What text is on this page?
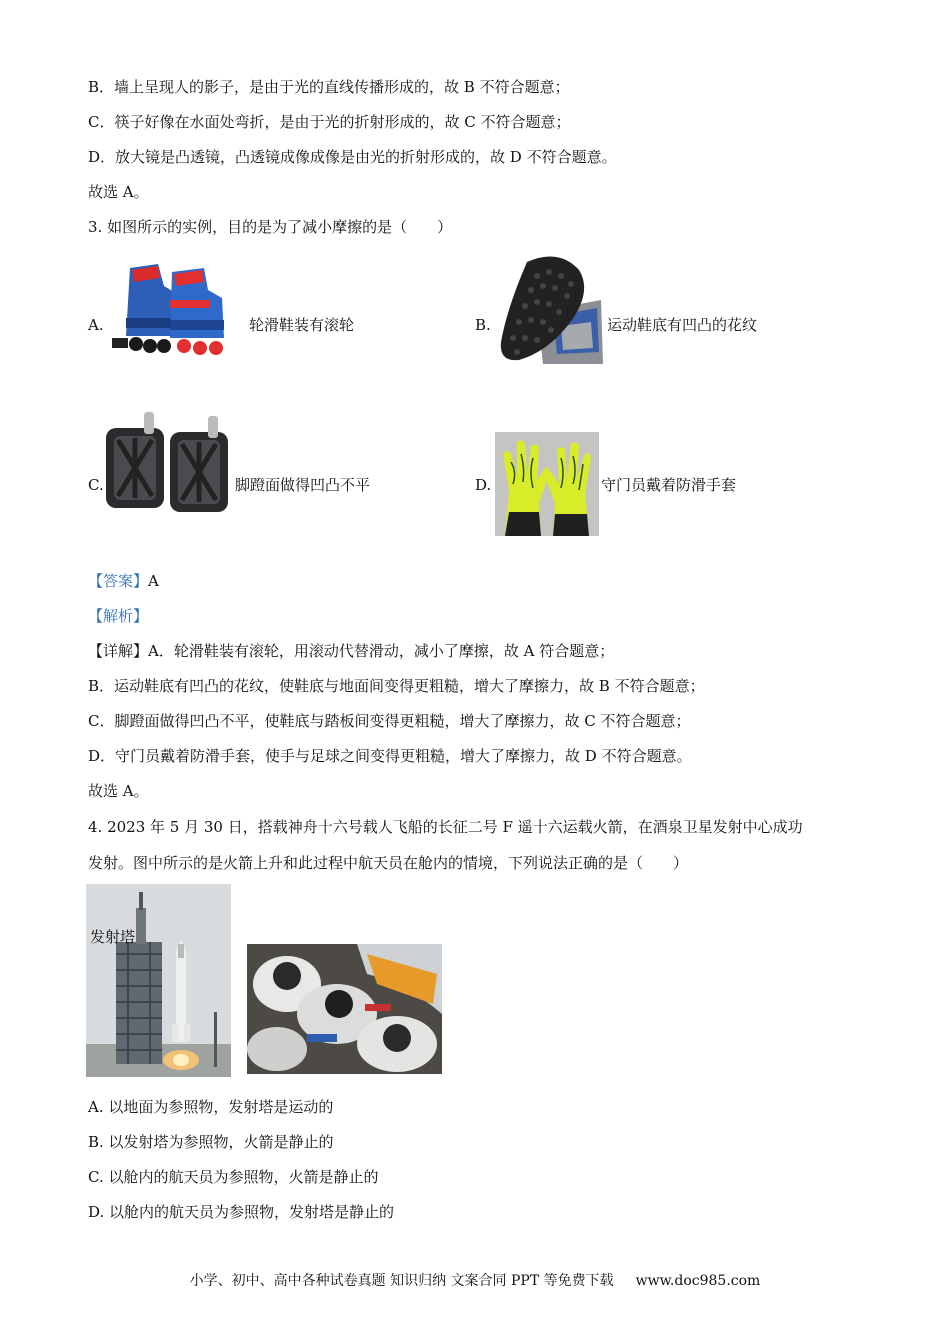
B．墙上呈现人的影子，是由于光的直线传播形成的，故 B 不符合题意；
C．筷子好像在水面处弯折，是由于光的折射形成的，故 C 不符合题意；
D．放大镜是凸透镜，凸透镜成像成像是由光的折射形成的，故 D 不符合题意。
故选 A。
3. 如图所示的实例，目的是为了减小摩擦的是（　　）
A.	轮滑鞋装有滚轮	B.	运动鞋底有凹凸的花纹
C.	脚蹬面做得凹凸不平	D.	守门员戴着防滑手套
【答案】A
【解析】
【详解】A．轮滑鞋装有滚轮，用滚动代替滑动，减小了摩擦，故 A 符合题意；
B．运动鞋底有凹凸的花纹，使鞋底与地面间变得更粗糙，增大了摩擦力，故 B 不符合题意；
C．脚蹬面做得凹凸不平，使鞋底与踏板间变得更粗糙，增大了摩擦力，故 C 不符合题意；
D．守门员戴着防滑手套，使手与足球之间变得更粗糙，增大了摩擦力，故 D 不符合题意。
故选 A。
4. 2023 年 5 月 30 日，搭载神舟十六号载人飞船的长征二号 F 遥十六运载火箭，在酒泉卫星发射中心成功
发射。图中所示的是火箭上升和此过程中航天员在舱内的情境，下列说法正确的是（　　）
发射塔
A. 以地面为参照物，发射塔是运动的
B. 以发射塔为参照物，火箭是静止的
C. 以舱内的航天员为参照物，火箭是静止的
D. 以舱内的航天员为参照物，发射塔是静止的
小学、初中、高中各种试卷真题 知识归纳 文案合同 PPT 等免费下载 www.doc985.com
